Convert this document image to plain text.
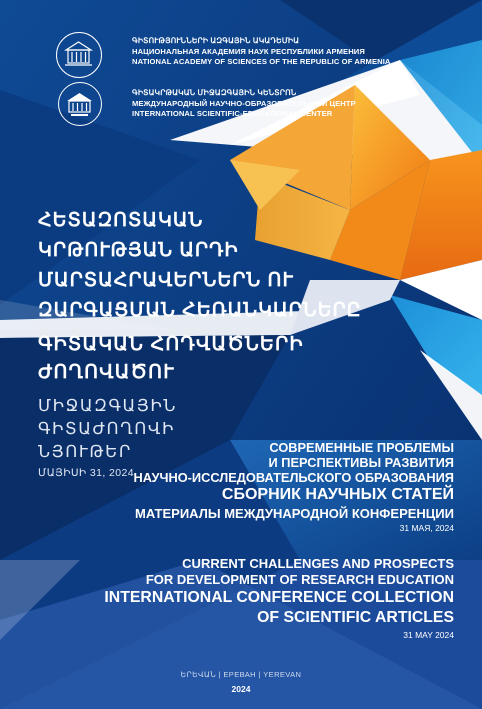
ԳԻՏՈՒԹՅՈՒՆՆԵՐԻ ԱԶԳԱՅԻՆ ԱԿԱԴԵՄԻԱ
НАЦИОНАЛЬНАЯ АКАДЕМИЯ НАУК РЕСПУБЛИКИ АРМЕНИЯ
NATIONAL ACADEMY OF SCIENCES OF THE REPUBLIC OF ARMENIA
ԳԻՏԱԿՐԹԱԿԱՆ ՄԻՋԱԶԳԱՅԻՆ ԿԵՆՏՐՈՆ
МЕЖДУНАРОДНЫЙ НАУЧНО-ОБРАЗОВАТЕЛЬНЫЙ ЦЕНТР
INTERNATIONAL SCIENTIFIC-EDUCATIONAL CENTER
ՀԵՏԱԶՈՏԱԿԱՆ
ԿՐԹՈՒԹՅԱՆ ԱՐԴԻ
ՄԱՐՏԱՀՐԱՎԵՐՆԵՐՆ ՈՒ
ԶԱՐԳԱՑՄԱՆ ՀԵՌԱՆԿԱՐՆԵՐԸ
ԳԻՏԱԿԱՆ ՀՈԴՎԱԾՆԵՐԻ
ԺՈՂՈՎԱԾՈՒ
ՄԻՋԱԶԳԱՅԻՆ
ԳԻՏԱԺՈՂՈՎԻ
ՆՅՈՒԹԵՐ
ՄԱՅԻՍԻ 31, 2024
СОВРЕМЕННЫЕ ПРОБЛЕМЫ
И ПЕРСПЕКТИВЫ РАЗВИТИЯ
НАУЧНО-ИССЛЕДОВАТЕЛЬСКОГО ОБРАЗОВАНИЯ
СБОРНИК НАУЧНЫХ СТАТЕЙ
МАТЕРИАЛЫ МЕЖДУНАРОДНОЙ КОНФЕРЕНЦИИ
31 МАЯ, 2024
CURRENT CHALLENGES AND PROSPECTS
FOR DEVELOPMENT OF RESEARCH EDUCATION
INTERNATIONAL CONFERENCE COLLECTION
OF SCIENTIFIC ARTICLES
31 MAY 2024
ԵՐԵՎԱՆ | ЕРЕВАН | YEREVAN
2024
